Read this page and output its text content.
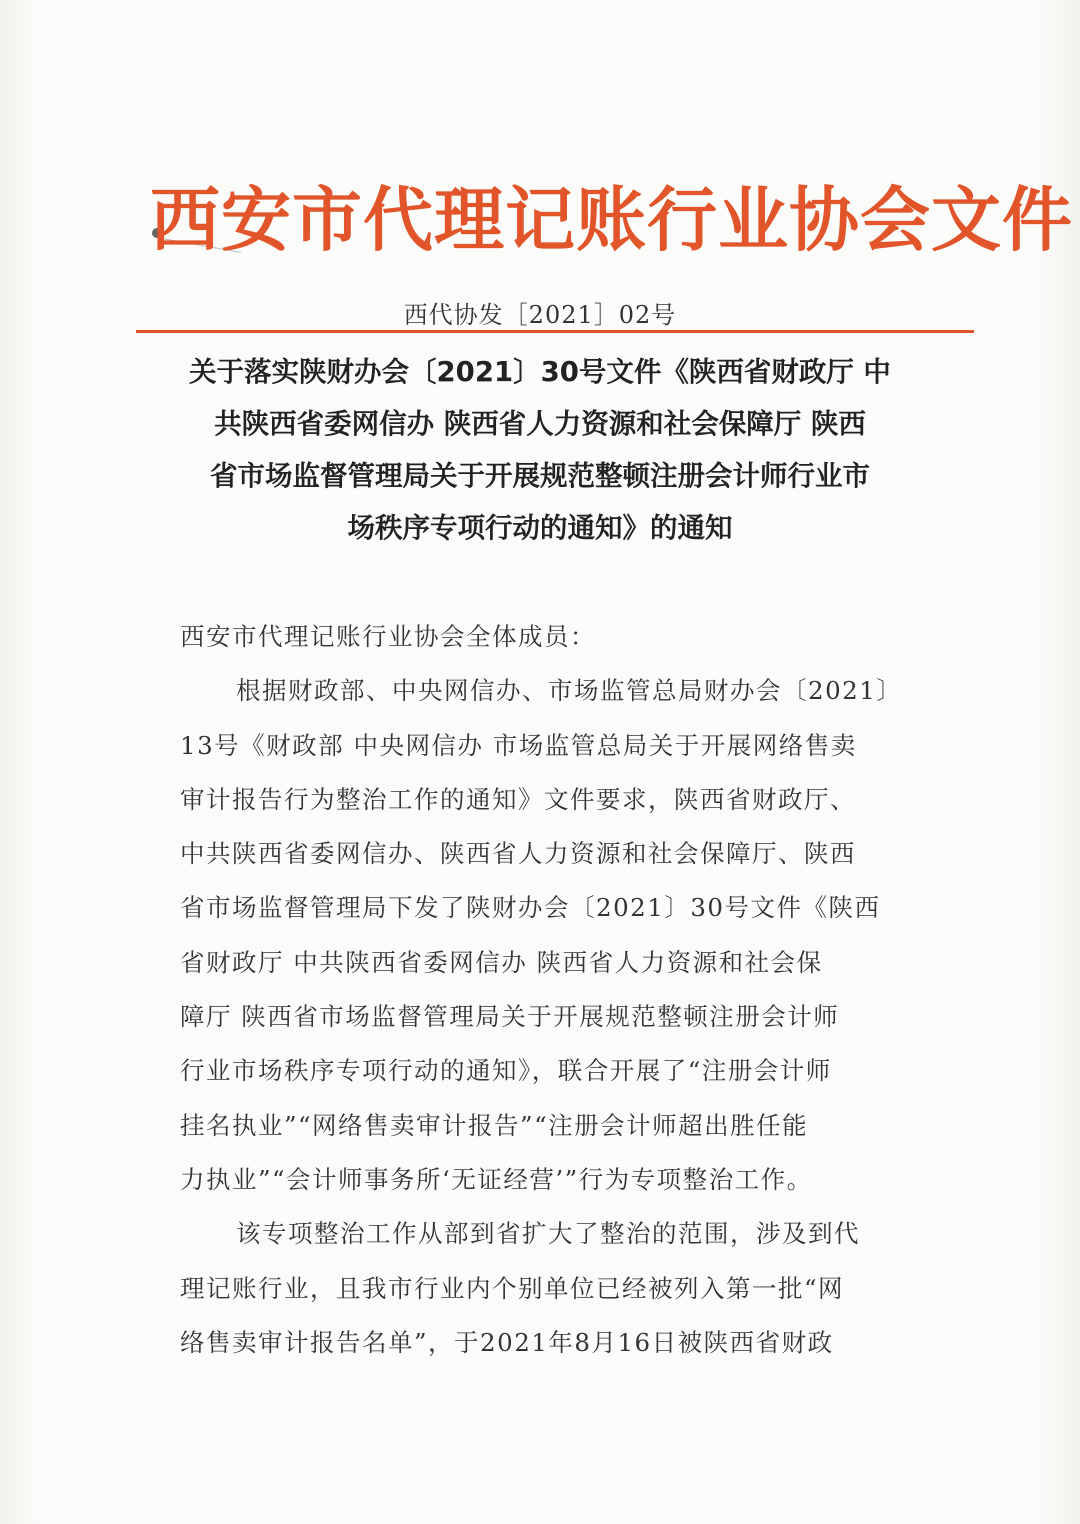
西安市代理记账行业协会文件
西代协发［2021］02号
关于落实陕财办会〔2021〕30号文件《陕西省财政厅 中
共陕西省委网信办 陕西省人力资源和社会保障厅 陕西
省市场监督管理局关于开展规范整顿注册会计师行业市
场秩序专项行动的通知》的通知
西安市代理记账行业协会全体成员：
根据财政部、中央网信办、市场监管总局财办会〔2021〕
13号《财政部 中央网信办 市场监管总局关于开展网络售卖
审计报告行为整治工作的通知》文件要求，陕西省财政厅、
中共陕西省委网信办、陕西省人力资源和社会保障厅、陕西
省市场监督管理局下发了陕财办会〔2021〕30号文件《陕西
省财政厅 中共陕西省委网信办 陕西省人力资源和社会保
障厅 陕西省市场监督管理局关于开展规范整顿注册会计师
行业市场秩序专项行动的通知》，联合开展了“注册会计师
挂名执业”“网络售卖审计报告”“注册会计师超出胜任能
力执业”“会计师事务所‘无证经营’”行为专项整治工作。
该专项整治工作从部到省扩大了整治的范围，涉及到代
理记账行业，且我市行业内个别单位已经被列入第一批“网
络售卖审计报告名单”，于2021年8月16日被陕西省财政
